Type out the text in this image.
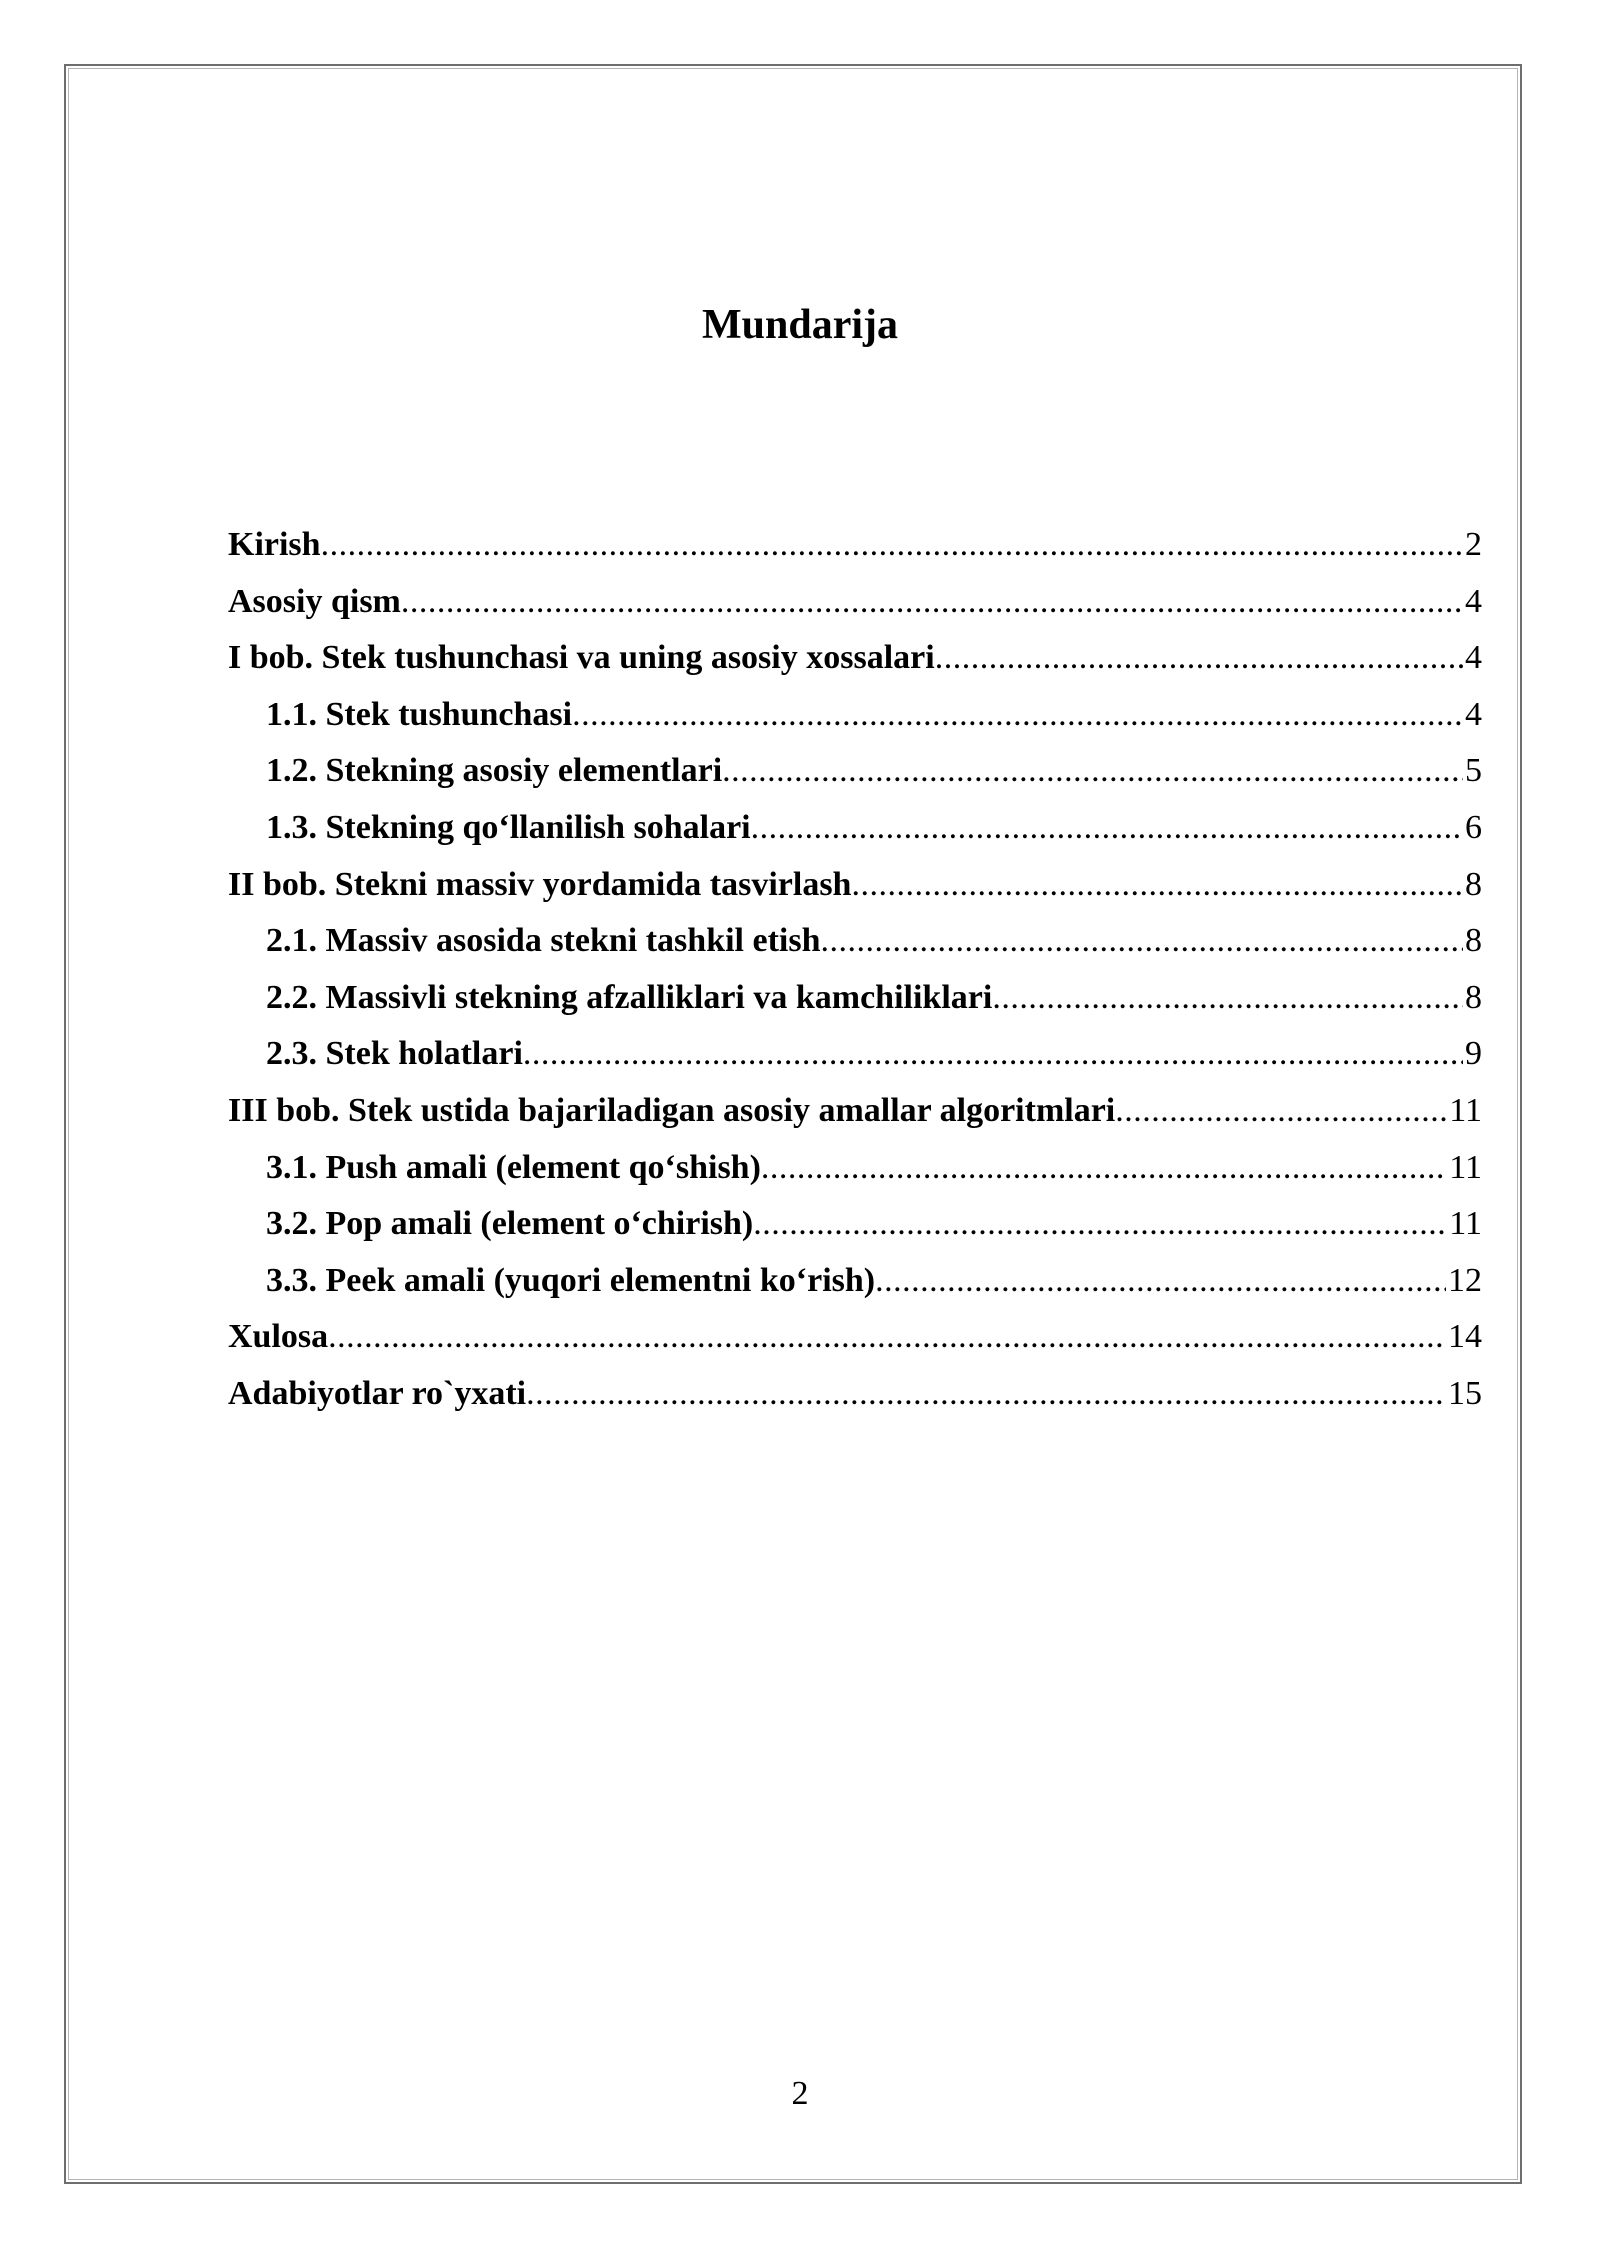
Mundarija
Kirish .....	2
Asosiy qism .....	4
I bob. Stek tushunchasi va uning asosiy xossalari .....	4
1.1. Stek tushunchasi .....	4
1.2. Stekning asosiy elementlari .....	5
1.3. Stekning qo‘llanilish sohalari .....	6
II bob. Stekni massiv yordamida tasvirlash .....	8
2.1. Massiv asosida stekni tashkil etish .....	8
2.2. Massivli stekning afzalliklari va kamchiliklari .....	8
2.3. Stek holatlari .....	9
III bob. Stek ustida bajariladigan asosiy amallar algoritmlari .....	11
3.1. Push amali (element qo‘shish) .....	11
3.2. Pop amali (element o‘chirish) .....	11
3.3. Peek amali (yuqori elementni ko‘rish) .....	12
Xulosa .....	14
Adabiyotlar ro`yxati .....	15
2
